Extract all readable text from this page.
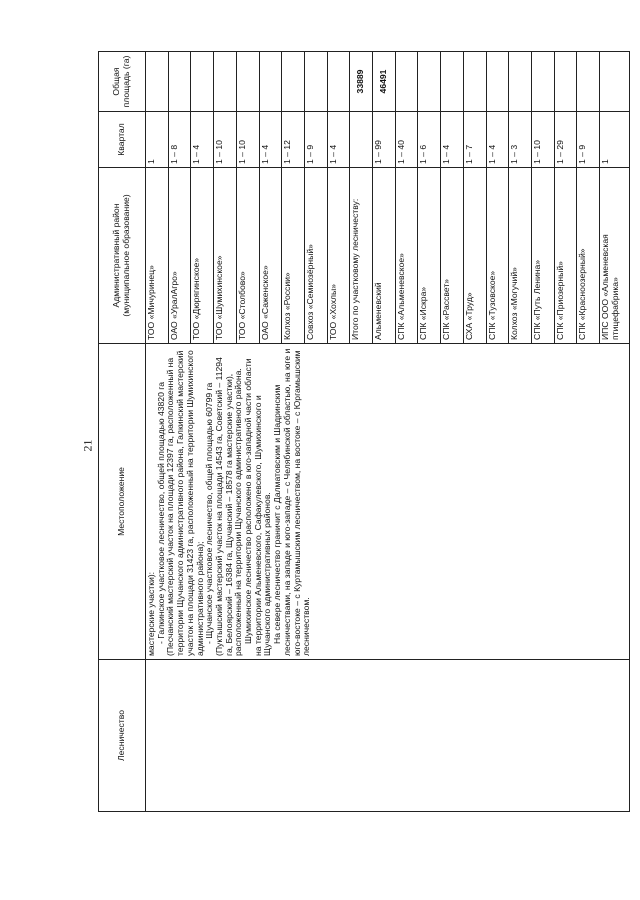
21
Лесничество	Местоположение	Административный район (муниципальное образование)	Квартал	Общая площадь (га)

	мастерские участки): - Галкинское участковое лесничество, общей площадью 43820 га (Песчанский мастерский участок на площади 12397 га, расположенный на территории Щучанского административного района, Галкинский мастерский участок на площади 31423 га, расположенный на территории Шумихинского административного района); - Щучанское участковое лесничество, общей площадью 60799 га (Пуктышский мастерский участок на площади 14543 га, Советский – 11294 га, Белоярский – 16384 га, Щучанский – 18578 га мастерские участки), расположенный на территории Щучанского административного района. Шумихинское лесничество расположено в юго-западной части области на территории Альменевского, Сафакулевского, Шумихинского и Щучанского административных районов. На севере лесничество граничит с Далматовским и Шадринским лесничествами, на западе и юго-западе – с Челябинской областью, на юге и юго-востоке – с Куртамышским лесничеством, на востоке – с Юргамышским лесничеством.	ТОО «Мичуринец»	1	
		ОАО «УралАгро»	1 – 8	
		ТОО «Дюрягинское»	1 – 4	
		ТОО «Шумихинское»	1 – 10	
		ТОО «Столбово»	1 – 10	
		ОАО «Саженское»	1 – 4	
		Колхоз «России»	1 – 12	
		Совхоз «Семиозёрный»	1 – 9	
		ТОО «Хохлы»	1 – 4	
		Итого по участковому лесничеству:		33889
		Альменевский	1 – 99	46491
		СПК «Альменевское»	1 – 40	
		СПК «Искра»	1 – 6	
		СПК «Рассвет»	1 – 4	
		СХА «Труд»	1 – 7	
		СПК «Тузовское»	1 – 4	
		Колхоз «Могучий»	1 – 3	
		СПК «Путь Ленина»	1 – 10	
		СПК «Приозерный»	1 – 29	
		СПК «Красноозерный»	1 – 9	
		ИПС ООО «Альменевская птицефабрика»	1	
